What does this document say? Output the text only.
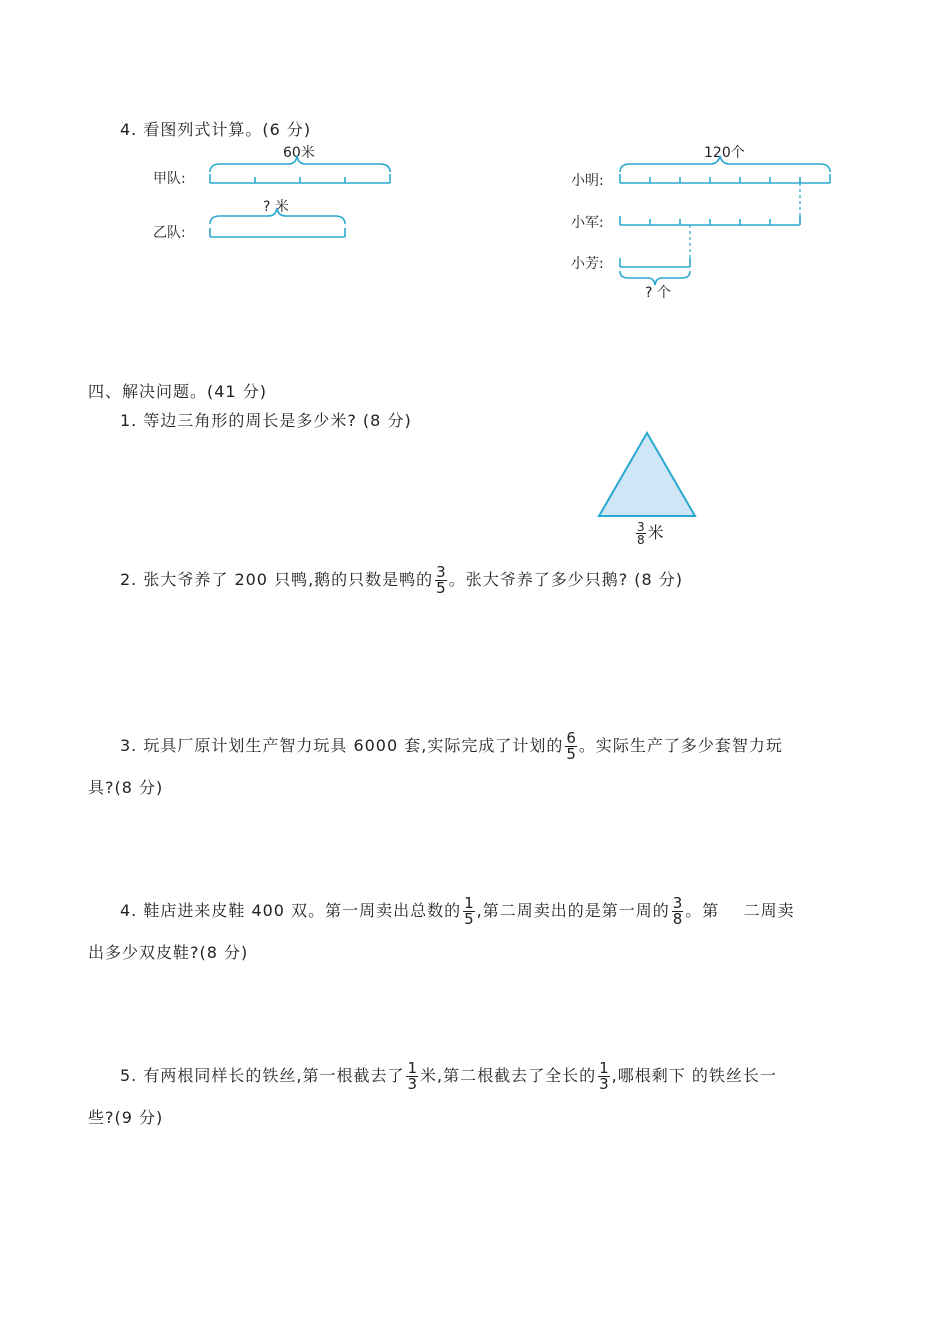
4. 看图列式计算。(6 分)
甲队:
60米
乙队:
? 米
小明:
120个
小军:
小芳:
? 个
四、解决问题。(41 分)
1. 等边三角形的周长是多少米? (8 分)
$\frac{3}{8}$ 米
2. 张大爷养了 200 只鸭,鹅的只数是鸭的 $\frac{3}{5}$ 。张大爷养了多少只鹅? (8 分)
3. 玩具厂原计划生产智力玩具 6000 套,实际完成了计划的 $\frac{6}{5}$ 。实际生产了多少套智力玩
具?(8 分)
4. 鞋店进来皮鞋 400 双。第一周卖出总数的 $\frac{1}{5}$ ,第二周卖出的是第一周的 $\frac{3}{8}$ 。第    二周卖
出多少双皮鞋?(8 分)
5. 有两根同样长的铁丝,第一根截去了 $\frac{1}{3}$ 米,第二根截去了全长的 $\frac{1}{3}$ ,哪根剩下 的铁丝长一
些?(9 分)
